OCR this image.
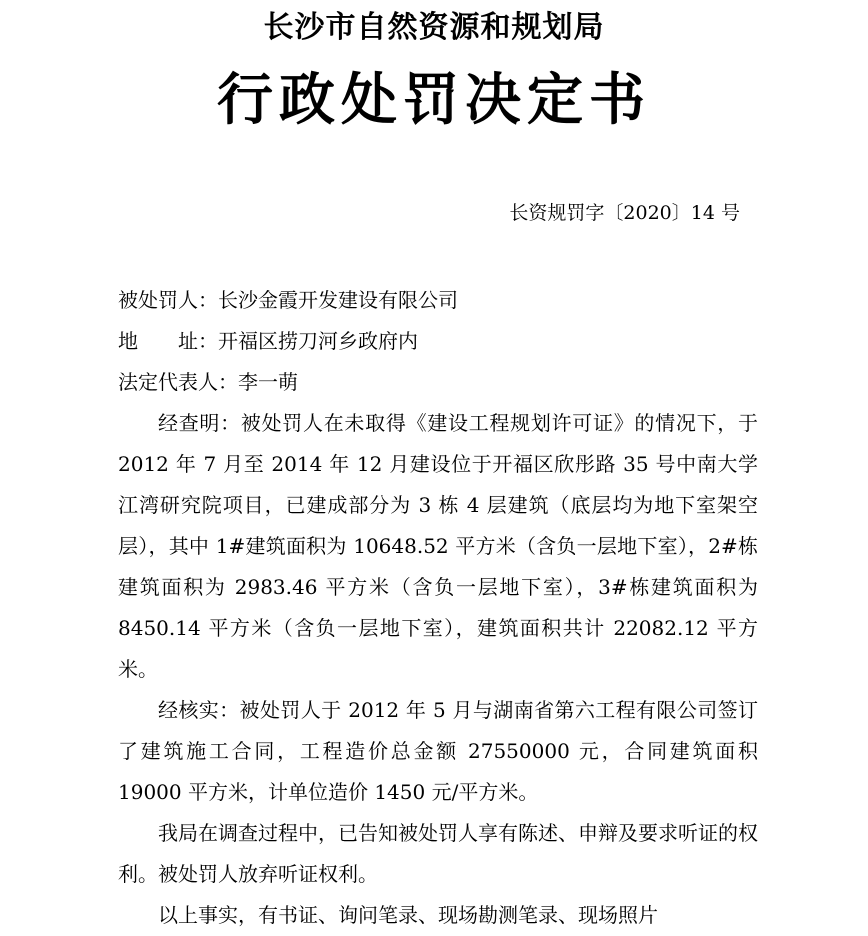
长沙市自然资源和规划局
行政处罚决定书
长资规罚字〔2020〕14 号

被处罚人：长沙金霞开发建设有限公司

地 址：开福区捞刀河乡政府内

法定代表人：李一萌

经查明：被处罚人在未取得《建设工程规划许可证》的情况下，于 2012 年 7 月至 2014 年 12 月建设位于开福区欣彤路 35 号中南大学江湾研究院项目，已建成部分为 3 栋 4 层建筑（底层均为地下室架空层），其中 1#建筑面积为 10648.52 平方米（含负一层地下室），2#栋建筑面积为 2983.46 平方米（含负一层地下室），3#栋建筑面积为 8450.14 平方米（含负一层地下室），建筑面积共计 22082.12 平方米。

经核实：被处罚人于 2012 年 5 月与湖南省第六工程有限公司签订了建筑施工合同，工程造价总金额 27550000 元，合同建筑面积 19000 平方米，计单位造价 1450 元/平方米。

我局在调查过程中，已告知被处罚人享有陈述、申辩及要求听证的权利。被处罚人放弃听证权利。

以上事实，有书证、询问笔录、现场勘测笔录、现场照片
